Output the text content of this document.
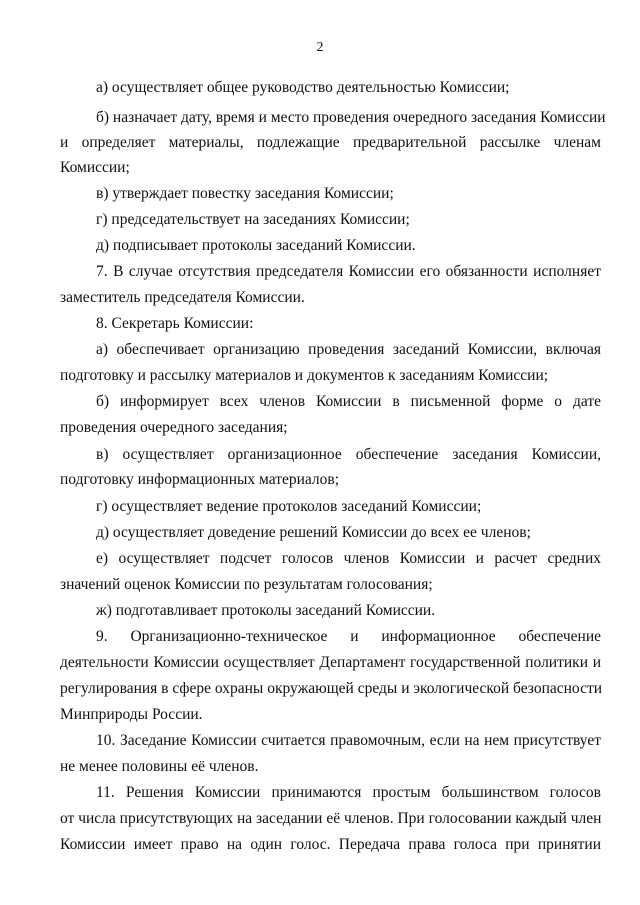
2
а) осуществляет общее руководство деятельностью Комиссии;
б) назначает дату, время и место проведения очередного заседания Комиссии
и определяет материалы, подлежащие предварительной рассылке членам
Комиссии;
в) утверждает повестку заседания Комиссии;
г) председательствует на заседаниях Комиссии;
д) подписывает протоколы заседаний Комиссии.
7. В случае отсутствия председателя Комиссии его обязанности исполняет
заместитель председателя Комиссии.
8. Секретарь Комиссии:
а) обеспечивает организацию проведения заседаний Комиссии, включая
подготовку и рассылку материалов и документов к заседаниям Комиссии;
б) информирует всех членов Комиссии в письменной форме о дате
проведения очередного заседания;
в) осуществляет организационное обеспечение заседания Комиссии,
подготовку информационных материалов;
г) осуществляет ведение протоколов заседаний Комиссии;
д) осуществляет доведение решений Комиссии до всех ее членов;
е) осуществляет подсчет голосов членов Комиссии и расчет средних
значений оценок Комиссии по результатам голосования;
ж) подготавливает протоколы заседаний Комиссии.
9. Организационно-техническое и информационное обеспечение
деятельности Комиссии осуществляет Департамент государственной политики и
регулирования в сфере охраны окружающей среды и экологической безопасности
Минприроды России.
10. Заседание Комиссии считается правомочным, если на нем присутствует
не менее половины её членов.
11. Решения Комиссии принимаются простым большинством голосов
от числа присутствующих на заседании её членов. При голосовании каждый член
Комиссии имеет право на один голос. Передача права голоса при принятии
